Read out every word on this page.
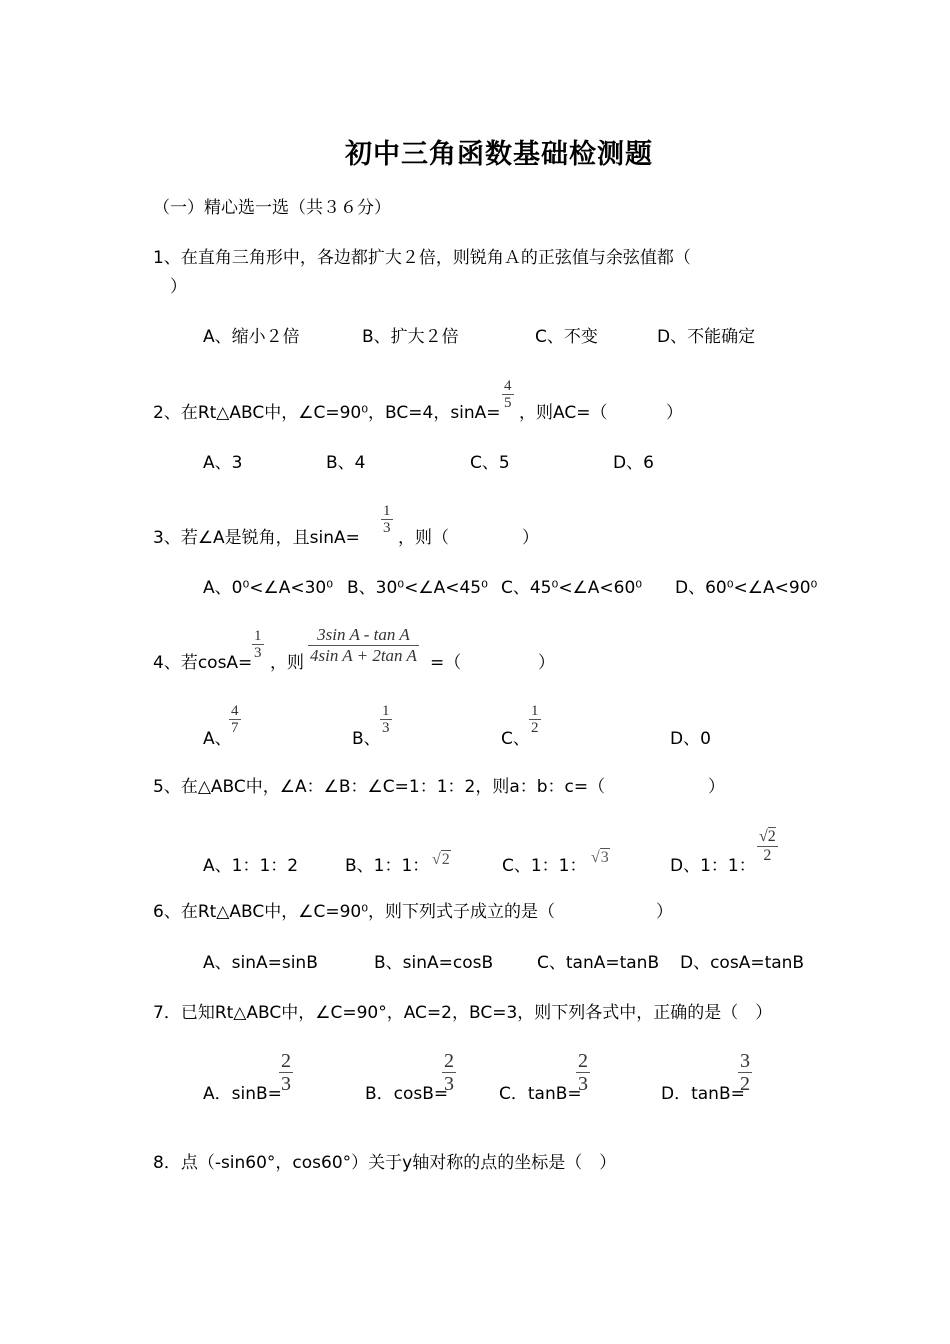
初中三角函数基础检测题
（一）精心选一选（共３６分）
1、在直角三角形中，各边都扩大２倍，则锐角Ａ的正弦值与余弦值都（
）
A、缩小２倍	B、扩大２倍	C、不变	D、不能确定
2、在Rt△ABC中，∠C=90⁰，BC=4，sinA=
4
5 ，则AC=（	）
A、3	B、4	C、5	D、6
3、若∠A是锐角，且sinA=
1
3 ，则（	）
A、0⁰<∠A<30⁰ B、30⁰<∠A<45⁰ C、45⁰<∠A<60⁰ D、60⁰<∠A<90⁰
4、若cosA=
1
3 ，则
3sin A - tan A
4sin A + 2tan A =（	）
A、
4
7
B、
1
3
C、
1
2
D、0
5、在△ABC中，∠A：∠B：∠C=1：1：2，则a：b：c=（	）
A、1：1：2	B、1：1： √2	C、1：1： √3	D、1：1：
√2
2
6、在Rt△ABC中，∠C=90⁰，则下列式子成立的是（	）
A、sinA=sinB	B、sinA=cosB	C、tanA=tanB D、cosA=tanB
7．已知Rt△ABC中，∠C=90°，AC=2，BC=3，则下列各式中，正确的是（　）
A．sinB=
2
3	B．cosB=
2
3	C．tanB=
2
3	D．tanB=
3
2
8．点（-sin60°，cos60°）关于y轴对称的点的坐标是（　）
